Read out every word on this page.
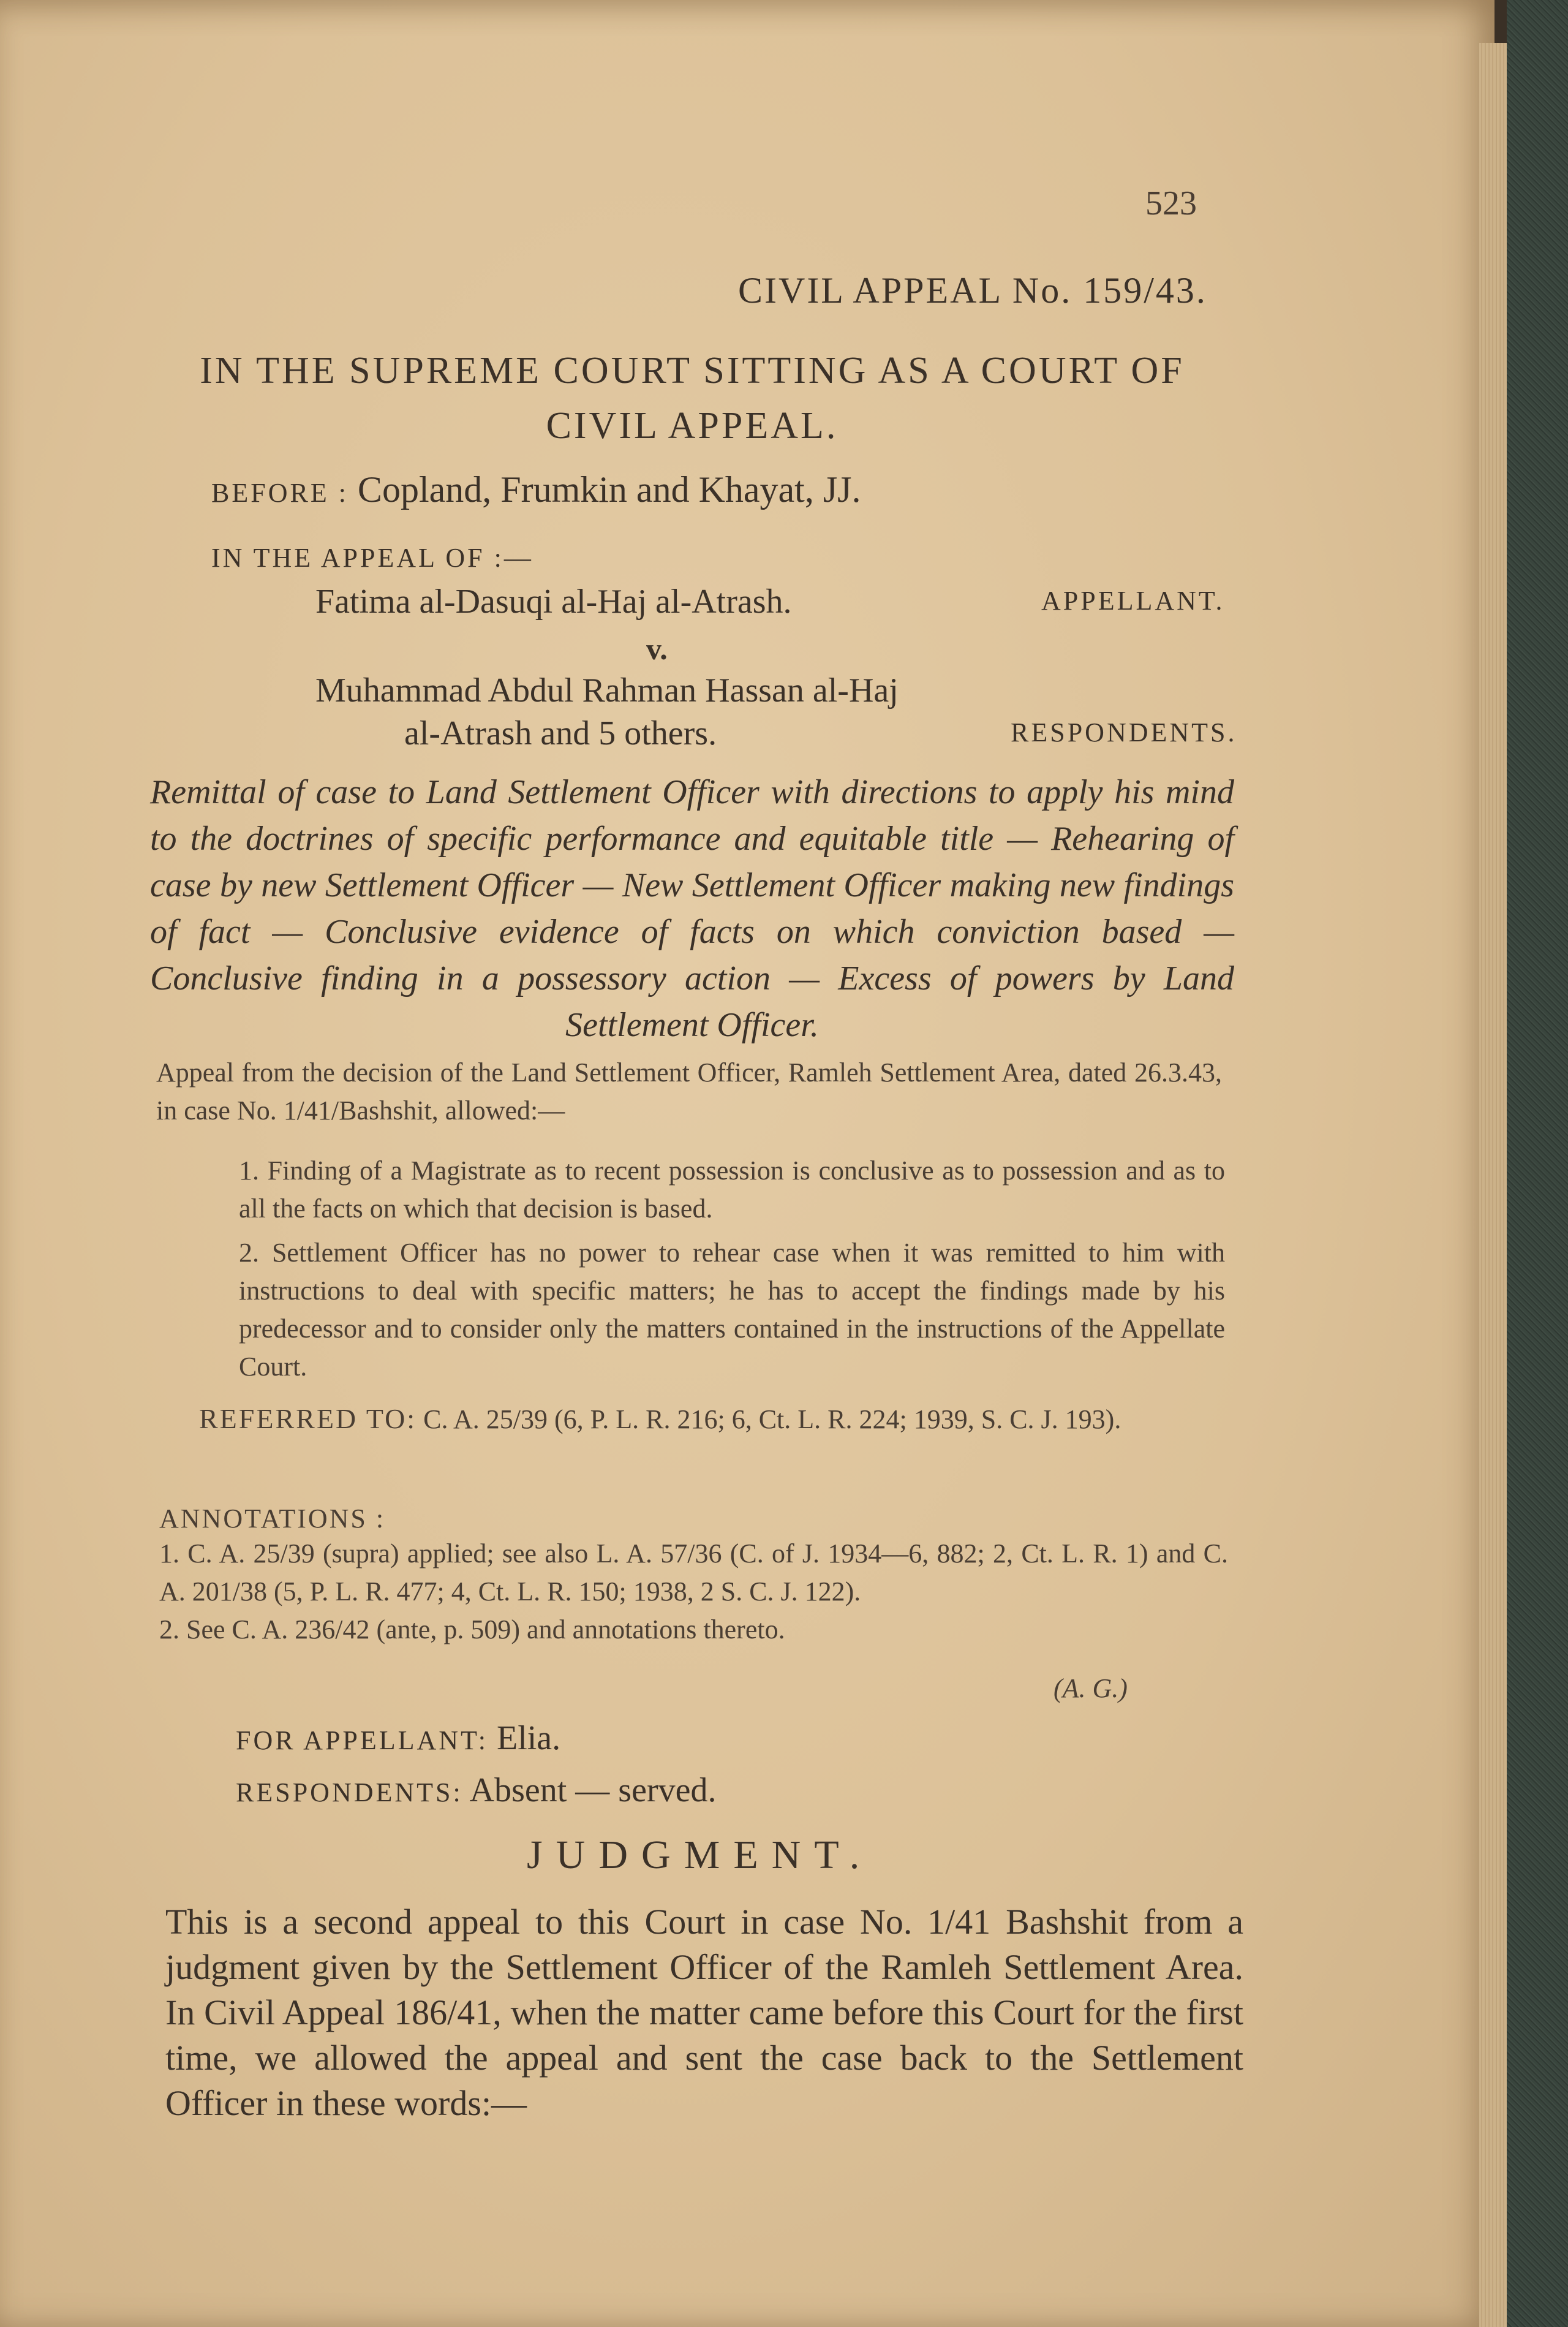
523
CIVIL APPEAL No. 159/43.
IN THE SUPREME COURT SITTING AS A COURT OF CIVIL APPEAL.
BEFORE : Copland, Frumkin and Khayat, JJ.
IN THE APPEAL OF :—
Fatima al-Dasuqi al-Haj al-Atrash.	APPELLANT.
v.
Muhammad Abdul Rahman Hassan al-Haj
al-Atrash and 5 others.	RESPONDENTS.
Remittal of case to Land Settlement Officer with directions to apply his mind to the doctrines of specific performance and equitable title — Rehearing of case by new Settlement Officer — New Settlement Officer making new findings of fact — Conclusive evidence of facts on which conviction based — Conclusive finding in a possessory action — Excess of powers by Land Settlement Officer.
Appeal from the decision of the Land Settlement Officer, Ramleh Settlement Area, dated 26.3.43, in case No. 1/41/Bashshit, allowed:—

1. Finding of a Magistrate as to recent possession is conclusive as to possession and as to all the facts on which that decision is based.

2. Settlement Officer has no power to rehear case when it was remitted to him with instructions to deal with specific matters; he has to accept the findings made by his predecessor and to consider only the matters contained in the instructions of the Appellate Court.

REFERRED TO: C. A. 25/39 (6, P. L. R. 216; 6, Ct. L. R. 224; 1939, S. C. J. 193).
ANNOTATIONS :

1. C. A. 25/39 (supra) applied; see also L. A. 57/36 (C. of J. 1934—6, 882; 2, Ct. L. R. 1) and C. A. 201/38 (5, P. L. R. 477; 4, Ct. L. R. 150; 1938, 2 S. C. J. 122).

2. See C. A. 236/42 (ante, p. 509) and annotations thereto.

(A. G.)
FOR APPELLANT: Elia.
RESPONDENTS: Absent — served.
JUDGMENT.
This is a second appeal to this Court in case No. 1/41 Bashshit from a judgment given by the Settlement Officer of the Ramleh Settlement Area. In Civil Appeal 186/41, when the matter came before this Court for the first time, we allowed the appeal and sent the case back to the Settlement Officer in these words:—
